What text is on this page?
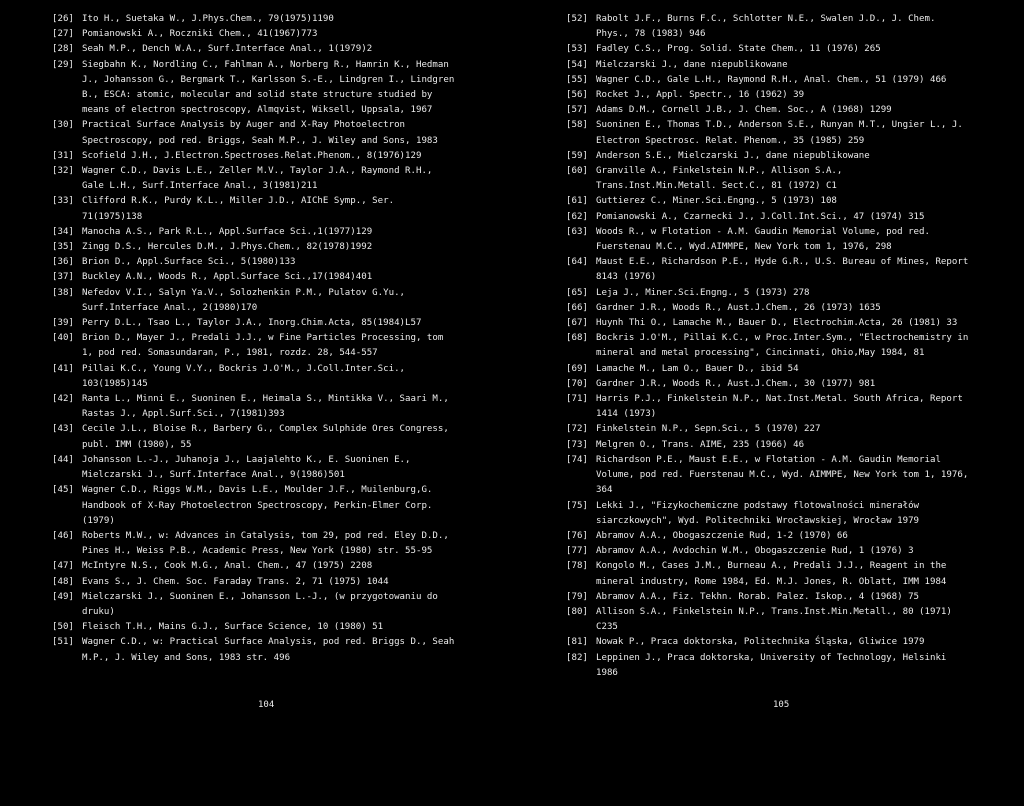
[26] Ito H., Suetaka W., J.Phys.Chem., 79(1975)1190
[27] Pomianowski A., Roczniki Chem., 41(1967)773
[28] Seah M.P., Dench W.A., Surf.Interface Anal., 1(1979)2
[29] Siegbahn K., Nordling C., Fahlman A., Norberg R., Hamrin K., Hedman
J., Johansson G., Bergmark T., Karlsson S.-E., Lindgren I., Lindgren
B., ESCA: atomic, molecular and solid state structure studied by
means of electron spectroscopy, Almqvist, Wiksell, Uppsala, 1967
[30] Practical Surface Analysis by Auger and X-Ray Photoelectron
Spectroscopy, pod red. Briggs, Seah M.P., J. Wiley and Sons, 1983
[31] Scofield J.H., J.Electron.Spectroses.Relat.Phenom., 8(1976)129
[32] Wagner C.D., Davis L.E., Zeller M.V., Taylor J.A., Raymond R.H.,
Gale L.H., Surf.Interface Anal., 3(1981)211
[33] Clifford R.K., Purdy K.L., Miller J.D., AIChE Symp., Ser.
71(1975)138
[34] Manocha A.S., Park R.L., Appl.Surface Sci.,1(1977)129
[35] Zingg D.S., Hercules D.M., J.Phys.Chem., 82(1978)1992
[36] Brion D., Appl.Surface Sci., 5(1980)133
[37] Buckley A.N., Woods R., Appl.Surface Sci.,17(1984)401
[38] Nefedov V.I., Salyn Ya.V., Solozhenkin P.M., Pulatov G.Yu.,
Surf.Interface Anal., 2(1980)170
[39] Perry D.L., Tsao L., Taylor J.A., Inorg.Chim.Acta, 85(1984)L57
[40] Brion D., Mayer J., Predali J.J., w Fine Particles Processing, tom
1, pod red. Somasundaran, P., 1981, rozdz. 28, 544-557
[41] Pillai K.C., Young V.Y., Bockris J.O'M., J.Coll.Inter.Sci.,
103(1985)145
[42] Ranta L., Minni E., Suoninen E., Heimala S., Mintikka V., Saari M.,
Rastas J., Appl.Surf.Sci., 7(1981)393
[43] Cecile J.L., Bloise R., Barbery G., Complex Sulphide Ores Congress,
publ. IMM (1980), 55
[44] Johansson L.-J., Juhanoja J., Laajalehto K., E. Suoninen E.,
Mielczarski J., Surf.Interface Anal., 9(1986)501
[45] Wagner C.D., Riggs W.M., Davis L.E., Moulder J.F., Muilenburg,G.
Handbook of X-Ray Photoelectron Spectroscopy, Perkin-Elmer Corp.
(1979)
[46] Roberts M.W., w: Advances in Catalysis, tom 29, pod red. Eley D.D.,
Pines H., Weiss P.B., Academic Press, New York (1980) str. 55-95
[47] McIntyre N.S., Cook M.G., Anal. Chem., 47 (1975) 2208
[48] Evans S., J. Chem. Soc. Faraday Trans. 2, 71 (1975) 1044
[49] Mielczarski J., Suoninen E., Johansson L.-J., (w przygotowaniu do
druku)
[50] Fleisch T.H., Mains G.J., Surface Science, 10 (1980) 51
[51] Wagner C.D., w: Practical Surface Analysis, pod red. Briggs D., Seah
M.P., J. Wiley and Sons, 1983 str. 496
[52] Rabolt J.F., Burns F.C., Schlotter N.E., Swalen J.D., J. Chem.
Phys., 78 (1983) 946
[53] Fadley C.S., Prog. Solid. State Chem., 11 (1976) 265
[54] Mielczarski J., dane niepublikowane
[55] Wagner C.D., Gale L.H., Raymond R.H., Anal. Chem., 51 (1979) 466
[56] Rocket J., Appl. Spectr., 16 (1962) 39
[57] Adams D.M., Cornell J.B., J. Chem. Soc., A (1968) 1299
[58] Suoninen E., Thomas T.D., Anderson S.E., Runyan M.T., Ungier L., J.
Electron Spectrosc. Relat. Phenom., 35 (1985) 259
[59] Anderson S.E., Mielczarski J., dane niepublikowane
[60] Granville A., Finkelstein N.P., Allison S.A.,
Trans.Inst.Min.Metall. Sect.C., 81 (1972) C1
[61] Guttierez C., Miner.Sci.Engng., 5 (1973) 108
[62] Pomianowski A., Czarnecki J., J.Coll.Int.Sci., 47 (1974) 315
[63] Woods R., w Flotation - A.M. Gaudin Memorial Volume, pod red.
Fuerstenau M.C., Wyd.AIMMPE, New York tom 1, 1976, 298
[64] Maust E.E., Richardson P.E., Hyde G.R., U.S. Bureau of Mines, Report
8143 (1976)
[65] Leja J., Miner.Sci.Engng., 5 (1973) 278
[66] Gardner J.R., Woods R., Aust.J.Chem., 26 (1973) 1635
[67] Huynh Thi O., Lamache M., Bauer D., Electrochim.Acta, 26 (1981) 33
[68] Bockris J.O'M., Pillai K.C., w Proc.Inter.Sym., "Electrochemistry in
mineral and metal processing", Cincinnati, Ohio,May 1984, 81
[69] Lamache M., Lam O., Bauer D., ibid 54
[70] Gardner J.R., Woods R., Aust.J.Chem., 30 (1977) 981
[71] Harris P.J., Finkelstein N.P., Nat.Inst.Metal. South Africa, Report
1414 (1973)
[72] Finkelstein N.P., Sepn.Sci., 5 (1970) 227
[73] Melgren O., Trans. AIME, 235 (1966) 46
[74] Richardson P.E., Maust E.E., w Flotation - A.M. Gaudin Memorial
Volume, pod red. Fuerstenau M.C., Wyd. AIMMPE, New York tom 1, 1976,
364
[75] Lekki J., "Fizykochemiczne podstawy flotowalności minerałów
siarczkowych", Wyd. Politechniki Wrocławskiej, Wrocław 1979
[76] Abramov A.A., Obogaszczenie Rud, 1-2 (1970) 66
[77] Abramov A.A., Avdochin W.M., Obogaszczenie Rud, 1 (1976) 3
[78] Kongolo M., Cases J.M., Burneau A., Predali J.J., Reagent in the
mineral industry, Rome 1984, Ed. M.J. Jones, R. Oblatt, IMM 1984
[79] Abramov A.A., Fiz. Tekhn. Rorab. Palez. Iskop., 4 (1968) 75
[80] Allison S.A., Finkelstein N.P., Trans.Inst.Min.Metall., 80 (1971)
C235
[81] Nowak P., Praca doktorska, Politechnika Śląska, Gliwice 1979
[82] Leppinen J., Praca doktorska, University of Technology, Helsinki
1986
104	105
